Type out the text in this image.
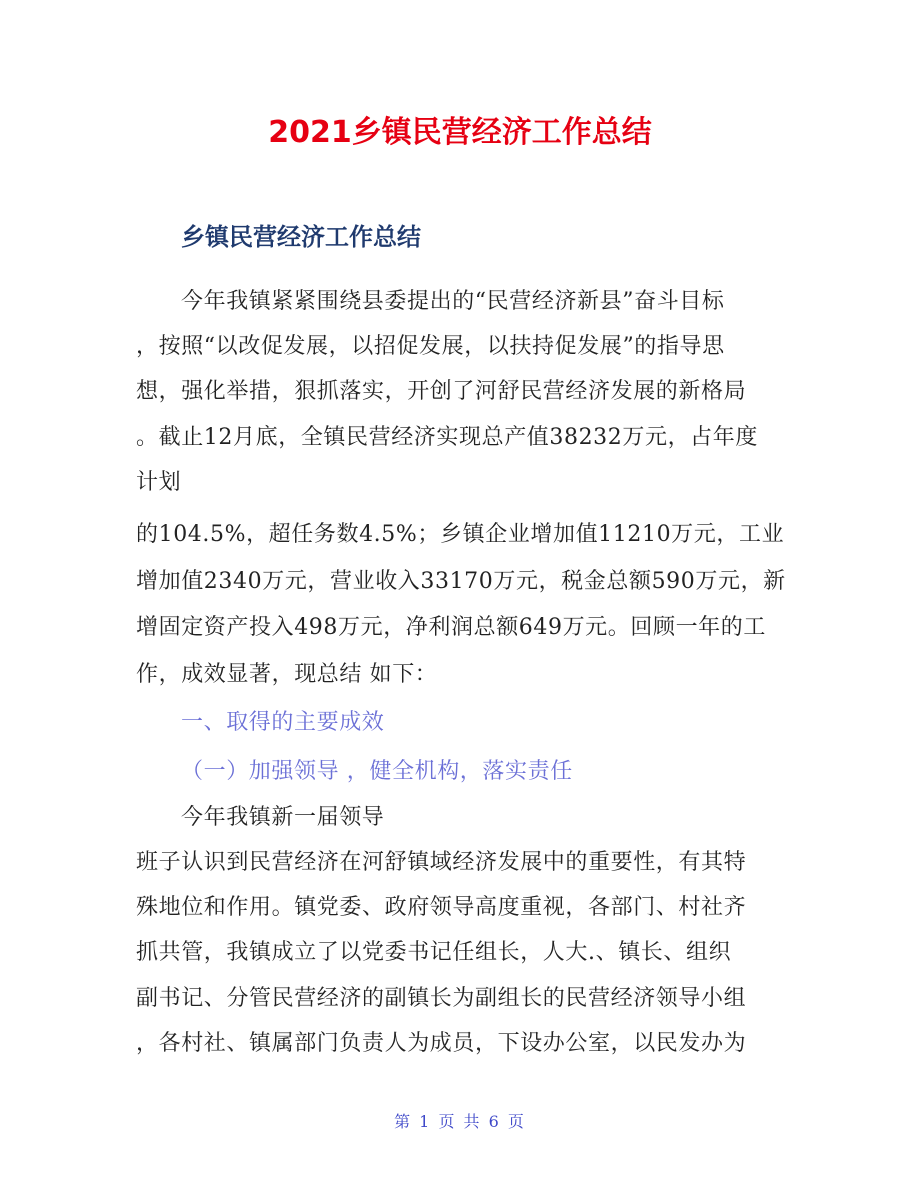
2021乡镇民营经济工作总结
乡镇民营经济工作总结

今年我镇紧紧围绕县委提出的“民营经济新县”奋斗目标

，按照“以改促发展，以招促发展，以扶持促发展”的指导思

想，强化举措，狠抓落实，开创了河舒民营经济发展的新格局

。截止12月底，全镇民营经济实现总产值38232万元，占年度

计划

的104.5%，超任务数4.5%；乡镇企业增加值11210万元，工业

增加值2340万元，营业收入33170万元，税金总额590万元，新

增固定资产投入498万元，净利润总额649万元。回顾一年的工

作，成效显著，现总结 如下：

一、取得的主要成效

（一）加强领导 ，健全机构，落实责任

今年我镇新一届领导

班子认识到民营经济在河舒镇域经济发展中的重要性，有其特

殊地位和作用。镇党委、政府领导高度重视，各部门、村社齐

抓共管，我镇成立了以党委书记任组长，人大.、镇长、组织

副书记、分管民营经济的副镇长为副组长的民营经济领导小组

，各村社、镇属部门负责人为成员，下设办公室，以民发办为

第 1 页 共 6 页
